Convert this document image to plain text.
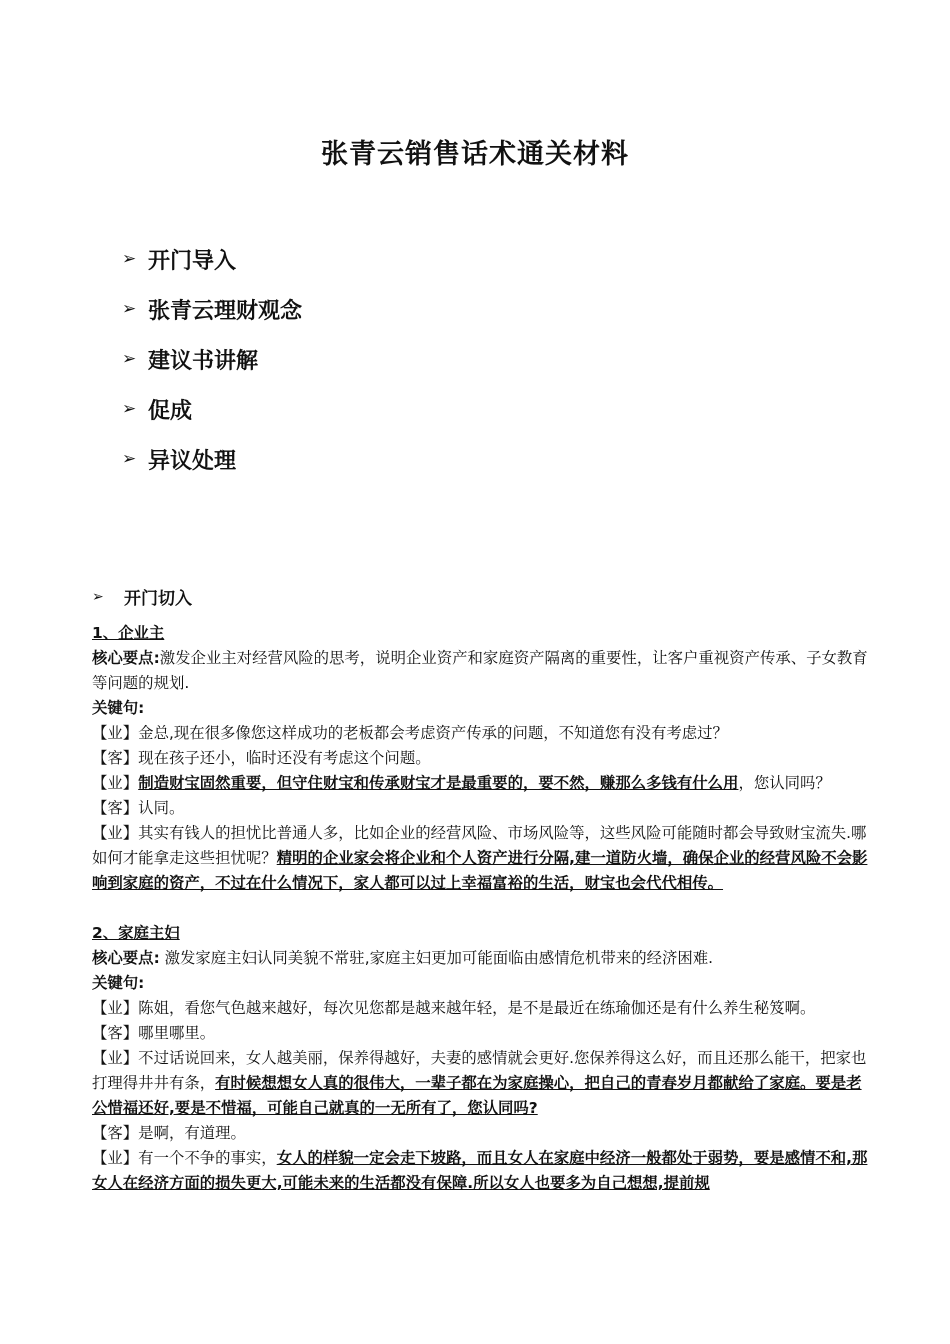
张青云销售话术通关材料
➢ 开门导入
➢ 张青云理财观念
➢ 建议书讲解
➢ 促成
➢ 异议处理
➢	开门切入

1、企业主

核心要点:激发企业主对经营风险的思考，说明企业资产和家庭资产隔离的重要性，让客户重视资产传承、子女教育等问题的规划.

关键句:

【业】金总,现在很多像您这样成功的老板都会考虑资产传承的问题，不知道您有没有考虑过？

【客】现在孩子还小，临时还没有考虑这个问题。

【业】制造财宝固然重要，但守住财宝和传承财宝才是最重要的，要不然，赚那么多钱有什么用，您认同吗？

【客】认同。

【业】其实有钱人的担忧比普通人多，比如企业的经营风险、市场风险等，这些风险可能随时都会导致财宝流失.哪如何才能拿走这些担忧呢？精明的企业家会将企业和个人资产进行分隔,建一道防火墙，确保企业的经营风险不会影响到家庭的资产，不过在什么情况下，家人都可以过上幸福富裕的生活，财宝也会代代相传。

2、家庭主妇

核心要点: 激发家庭主妇认同美貌不常驻,家庭主妇更加可能面临由感情危机带来的经济困难.

关键句:

【业】陈姐，看您气色越来越好，每次见您都是越来越年轻，是不是最近在练瑜伽还是有什么养生秘笈啊。

【客】哪里哪里。

【业】不过话说回来，女人越美丽，保养得越好，夫妻的感情就会更好.您保养得这么好，而且还那么能干，把家也打理得井井有条，有时候想想女人真的很伟大，一辈子都在为家庭操心，把自己的青春岁月都献给了家庭。要是老公惜福还好,要是不惜福，可能自己就真的一无所有了，您认同吗?

【客】是啊，有道理。

【业】有一个不争的事实，女人的样貌一定会走下坡路，而且女人在家庭中经济一般都处于弱势，要是感情不和,那女人在经济方面的损失更大,可能未来的生活都没有保障.所以女人也要多为自己想想,提前规
